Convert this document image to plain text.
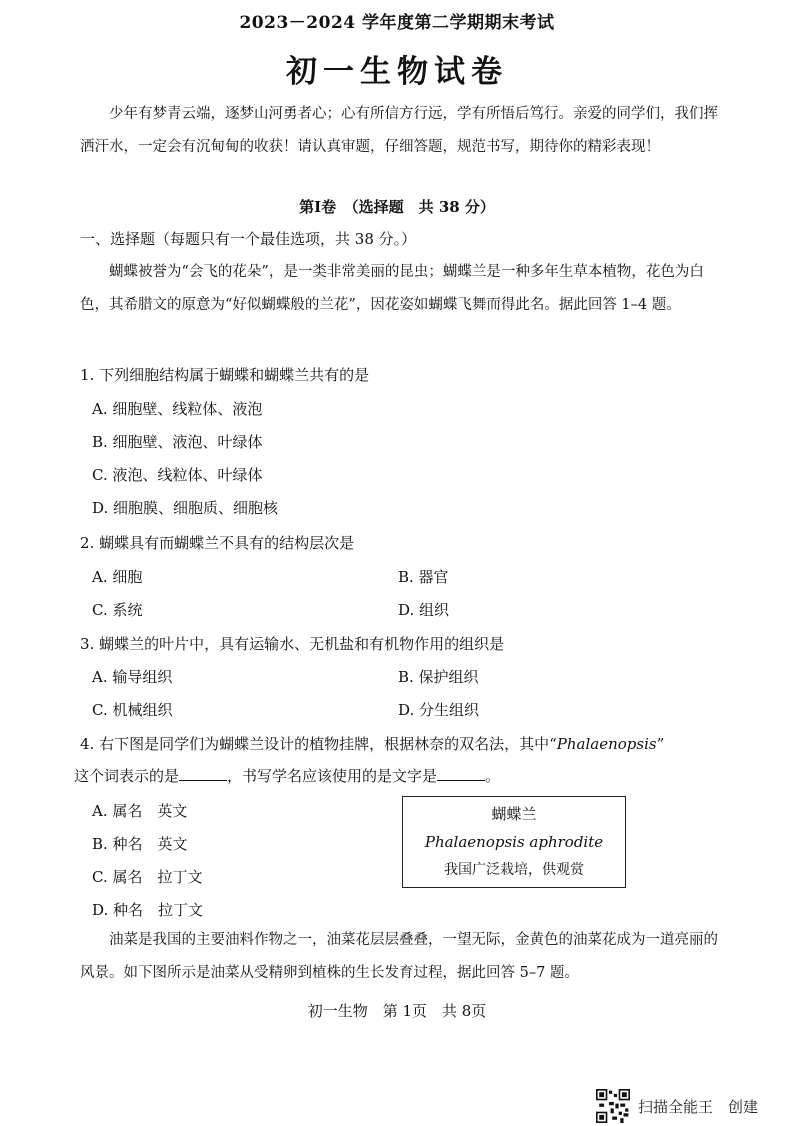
2023－2024 学年度第二学期期末考试
初一生物试卷
少年有梦青云端，逐梦山河勇者心；心有所信方行远，学有所悟后笃行。亲爱的同学们，我们挥洒汗水，一定会有沉甸甸的收获！请认真审题，仔细答题，规范书写，期待你的精彩表现！
第Ⅰ卷　（选择题　共 38 分）
一、选择题（每题只有一个最佳选项，共 38 分。）
蝴蝶被誉为“会飞的花朵”，是一类非常美丽的昆虫；蝴蝶兰是一种多年生草本植物，花色为白色，其希腊文的原意为“好似蝴蝶般的兰花”，因花姿如蝴蝶飞舞而得此名。据此回答 1–4 题。
1. 下列细胞结构属于蝴蝶和蝴蝶兰共有的是
A. 细胞壁、线粒体、液泡
B. 细胞壁、液泡、叶绿体
C. 液泡、线粒体、叶绿体
D. 细胞膜、细胞质、细胞核
2. 蝴蝶具有而蝴蝶兰不具有的结构层次是
A. 细胞	B. 器官
C. 系统	D. 组织
3. 蝴蝶兰的叶片中，具有运输水、无机盐和有机物作用的组织是
A. 输导组织	B. 保护组织
C. 机械组织	D. 分生组织
4. 右下图是同学们为蝴蝶兰设计的植物挂牌，根据林奈的双名法，其中“Phalaenopsis”
这个词表示的是	，书写学名应该使用的是文字是	。
A. 属名　英文
B. 种名　英文
C. 属名　拉丁文
D. 种名　拉丁文
蝴蝶兰
Phalaenopsis aphrodite
我国广泛栽培，供观赏
油菜是我国的主要油料作物之一，油菜花层层叠叠，一望无际，金黄色的油菜花成为一道亮丽的风景。如下图所示是油菜从受精卵到植株的生长发育过程，据此回答 5–7 题。
初一生物　第 1页　共 8页
扫描全能王　创建
